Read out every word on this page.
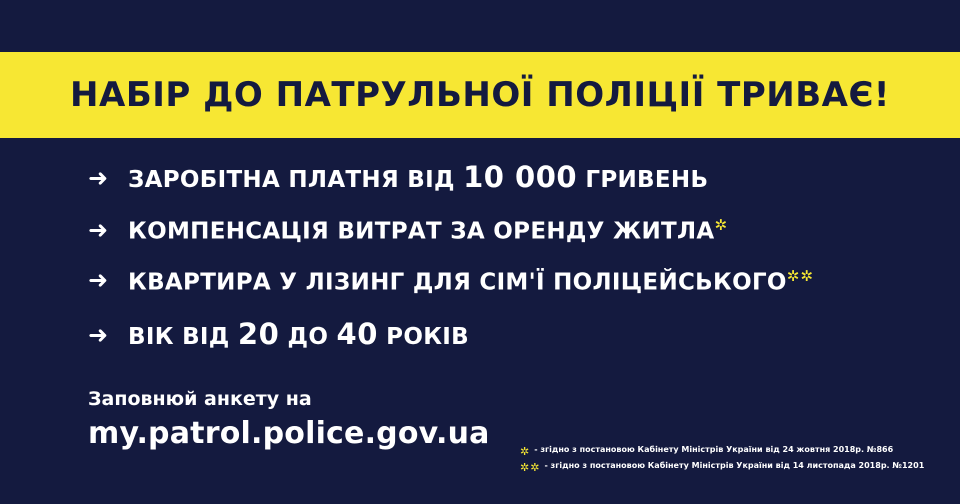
НАБІР ДО ПАТРУЛЬНОЇ ПОЛІЦІЇ ТРИВАЄ!
➜ ЗАРОБІТНА ПЛАТНЯ ВІД 10 000 ГРИВЕНЬ
➜ КОМПЕНСАЦІЯ ВИТРАТ ЗА ОРЕНДУ ЖИТЛА✲
➜ КВАРТИРА У ЛІЗИНГ ДЛЯ СІМ'Ї ПОЛІЦЕЙСЬКОГО✲✲
➜ ВІК ВІД 20 ДО 40 РОКІВ
Заповнюй анкету на
my.patrol.police.gov.ua
✲ - згідно з постановою Кабінету Міністрів України від 24 жовтня 2018р. №866
✲✲ - згідно з постановою Кабінету Міністрів України від 14 листопада 2018р. №1201
